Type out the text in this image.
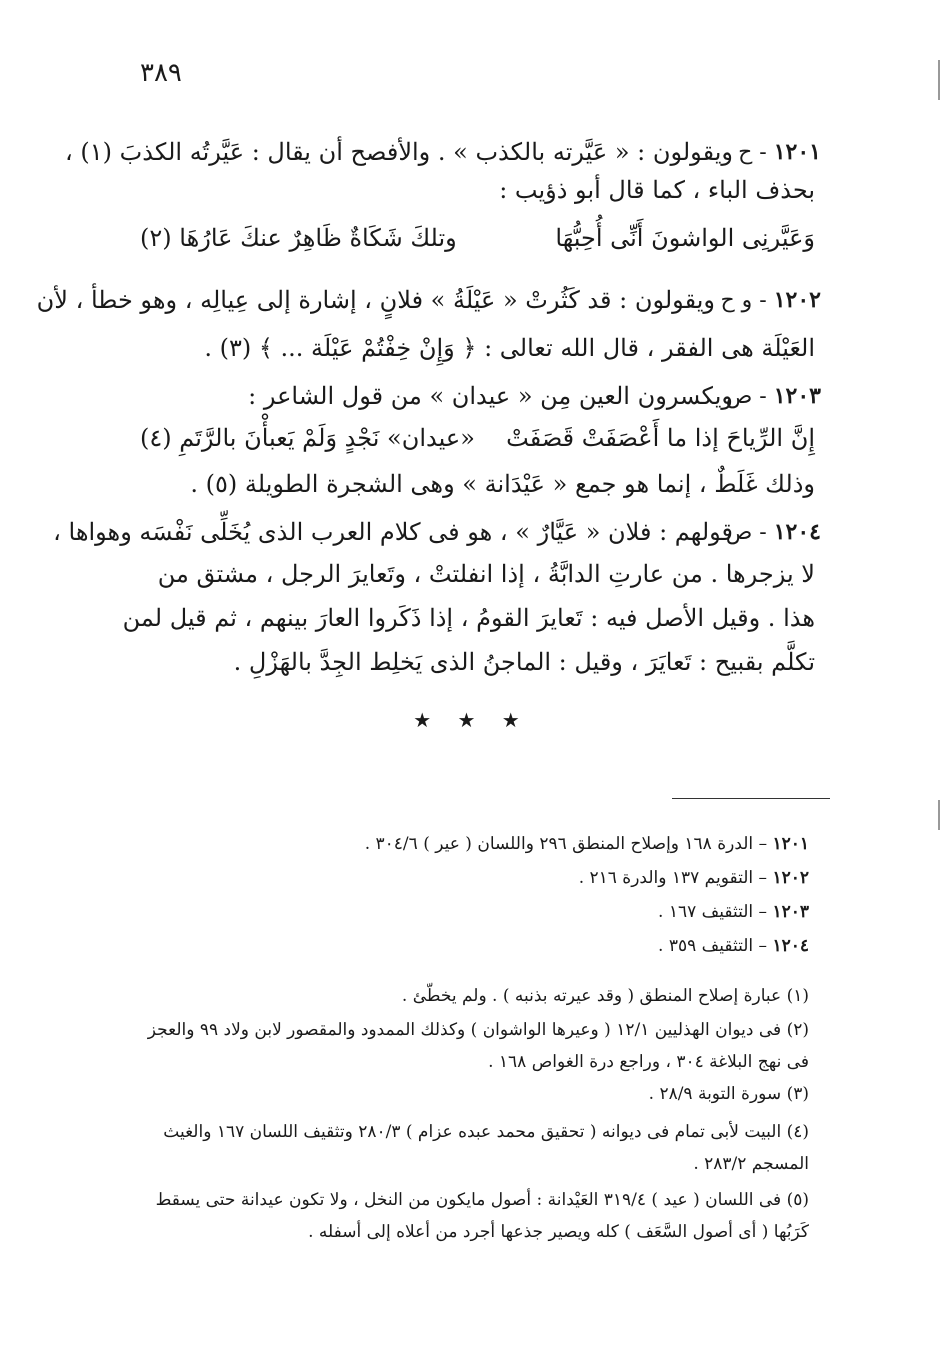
٣٨٩
١٢٠١ - ح
ويقولون : « عَيَّرته بالكذب » . والأفصح أن يقال : عَيَّرتُه الكذبَ (١) ،
بحذف الباء ، كما قال أبو ذؤيب :
وَعَيَّرنِى الواشونَ أَنِّى أُحِبُّهَا
وتلكَ شَكَاةٌ ظَاهِرٌ عنكَ عَارُهَا (٢)
١٢٠٢ - و ح
ويقولون : قد كَثُرتْ « عَيْلَةُ » فلانٍ ، إشارة إلى عِيالِه ، وهو خطأ ، لأن
العَيْلَة هى الفقر ، قال الله تعالى : ﴿ وَإِنْ خِفْتُمْ عَيْلَة ... ﴾ (٣) .
١٢٠٣ - ص
ويكسرون العين مِن « عيدان » من قول الشاعر :
إِنَّ الرِّياحَ إذا ما أَعْصَفَتْ قَصَفَتْ
«عيدان» نَجْدٍ وَلَمْ يَعبأْنَ بالرَّتَمِ (٤)
وذلك غَلَطٌ ، إنما هو جمع « عَيْدَانة » وهى الشجرة الطويلة (٥) .
١٢٠٤ - ص
قولهم : فلان « عَيَّارٌ » ، هو فى كلام العرب الذى يُخَلِّى نَفْسَه وهواها ،
لا يزجرها . من عارتِ الدابَّةُ ، إذا انفلتتْ ، وتَعايرَ الرجل ، مشتق من
هذا . وقيل الأصل فيه : تَعايرَ القومُ ، إذا ذَكَروا العارَ بينهم ، ثم قيل لمن
تكلَّم بقبيح : تَعايَرَ ، وقيل : الماجنُ الذى يَخلِط الجِدَّ بالهَزْلِ .
★ ★ ★
١٢٠١ – الدرة ١٦٨ وإصلاح المنطق ٢٩٦ واللسان ( عير ) ٣٠٤/٦ .
١٢٠٢ – التقويم ١٣٧ والدرة ٢١٦ .
١٢٠٣ – التثقيف ١٦٧ .
١٢٠٤ – التثقيف ٣٥٩ .
(١) عبارة إصلاح المنطق ( وقد عيرته بذنبه ) . ولم يخطّئ .
(٢) فى ديوان الهذليين ١٢/١ ( وعيرها الواشوان ) وكذلك الممدود والمقصور لابن ولاد ٩٩ والعجز
فى نهج البلاغة ٣٠٤ ، وراجع درة الغواص ١٦٨ .
(٣) سورة التوبة ٢٨/٩ .
(٤) البيت لأبى تمام فى ديوانه ( تحقيق محمد عبده عزام ) ٢٨٠/٣ وتثقيف اللسان ١٦٧ والغيث
المسجم ٢٨٣/٢ .
(٥) فى اللسان ( عيد ) ٣١٩/٤ العَيْدانة : أصول مايكون من النخل ، ولا تكون عيدانة حتى يسقط
كَرَبُها ( أى أصول السَّعَف ) كله ويصير جذعها أجرد من أعلاه إلى أسفله .
